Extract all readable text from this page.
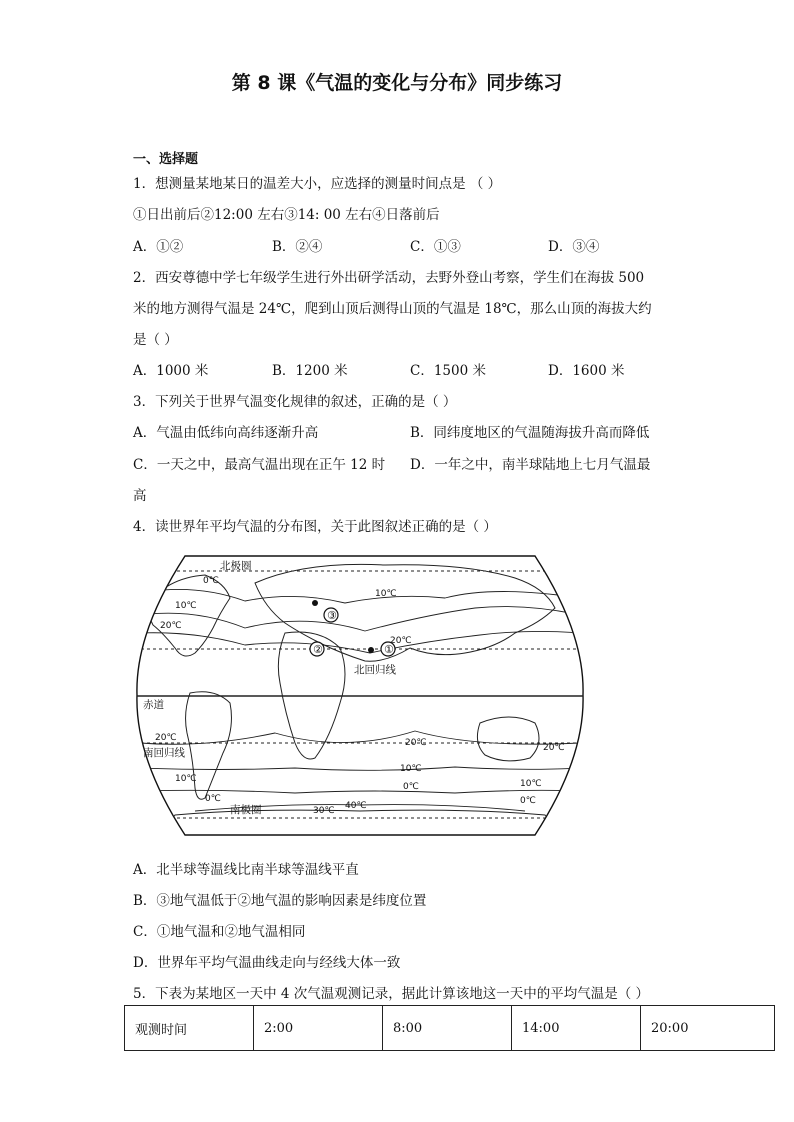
第 8 课《气温的变化与分布》同步练习
一、选择题
1．想测量某地某日的温差大小，应选择的测量时间点是 （ ）
①日出前后②12:00 左右③14: 00 左右④日落前后
A．①②	B．②④	C．①③	D．③④
2．西安尊德中学七年级学生进行外出研学活动，去野外登山考察，学生们在海拔 500
米的地方测得气温是 24℃，爬到山顶后测得山顶的气温是 18℃，那么山顶的海拔大约
是（ ）
A．1000 米	B．1200 米	C．1500 米	D．1600 米
3．下列关于世界气温变化规律的叙述，正确的是（ ）
A．气温由低纬向高纬逐渐升高	B．同纬度地区的气温随海拔升高而降低
C．一天之中，最高气温出现在正午 12 时 D．一年之中，南半球陆地上七月气温最
高
4．读世界年平均气温的分布图，关于此图叙述正确的是（ ）
③
②	①
北极圈
北回归线
赤道
南回归线
南极圈
0℃
10℃
10℃
20℃
20℃
20℃	20℃	20℃
10℃
10℃
10℃
0℃
0℃
0℃
30℃ 40℃
A．北半球等温线比南半球等温线平直
B．③地气温低于②地气温的影响因素是纬度位置
C．①地气温和②地气温相同
D．世界年平均气温曲线走向与经线大体一致
5．下表为某地区一天中 4 次气温观测记录，据此计算该地这一天中的平均气温是（ ）
观测时间	2:00	8:00	14:00	20:00
